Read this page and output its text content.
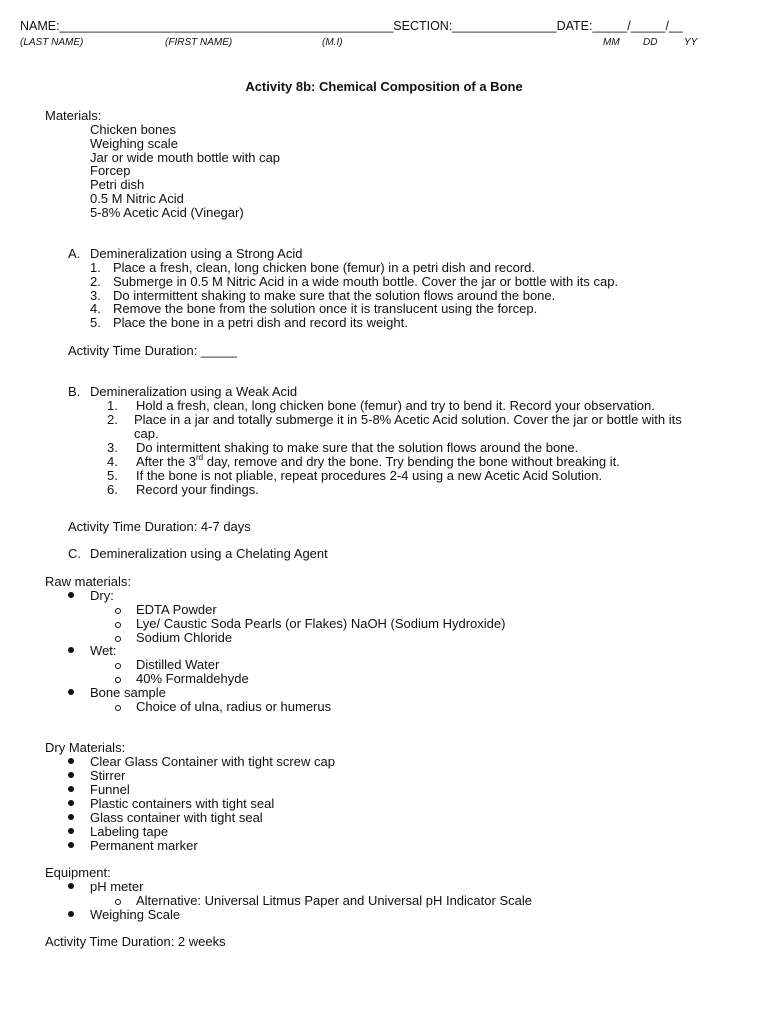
NAME:________________________________________________SECTION:_______________DATE:_____/_____/__
(LAST NAME)	(FIRST NAME)	(M.I)	MM DD	YY
Activity 8b: Chemical Composition of a Bone
Materials:
Chicken bones
Weighing scale
Jar or wide mouth bottle with cap
Forcep
Petri dish
0.5 M Nitric Acid
5-8% Acetic Acid (Vinegar)
A. Demineralization using a Strong Acid
1. Place a fresh, clean, long chicken bone (femur) in a petri dish and record.
2. Submerge in 0.5 M Nitric Acid in a wide mouth bottle. Cover the jar or bottle with its cap.
3. Do intermittent shaking to make sure that the solution flows around the bone.
4. Remove the bone from the solution once it is translucent using the forcep.
5. Place the bone in a petri dish and record its weight.
Activity Time Duration: _____
B. Demineralization using a Weak Acid
1. Hold a fresh, clean, long chicken bone (femur) and try to bend it. Record your observation.
2. Place in a jar and totally submerge it in 5-8% Acetic Acid solution. Cover the jar or bottle with its
cap.
3. Do intermittent shaking to make sure that the solution flows around the bone.
4. After the 3rd day, remove and dry the bone. Try bending the bone without breaking it.
5. If the bone is not pliable, repeat procedures 2-4 using a new Acetic Acid Solution.
6. Record your findings.
Activity Time Duration: 4-7 days
C. Demineralization using a Chelating Agent
Raw materials:
Dry:
EDTA Powder
Lye/ Caustic Soda Pearls (or Flakes) NaOH (Sodium Hydroxide)
Sodium Chloride
Wet:
Distilled Water
40% Formaldehyde
Bone sample
Choice of ulna, radius or humerus
Dry Materials:
Clear Glass Container with tight screw cap
Stirrer
Funnel
Plastic containers with tight seal
Glass container with tight seal
Labeling tape
Permanent marker
Equipment:
pH meter
Alternative: Universal Litmus Paper and Universal pH Indicator Scale
Weighing Scale
Activity Time Duration: 2 weeks
